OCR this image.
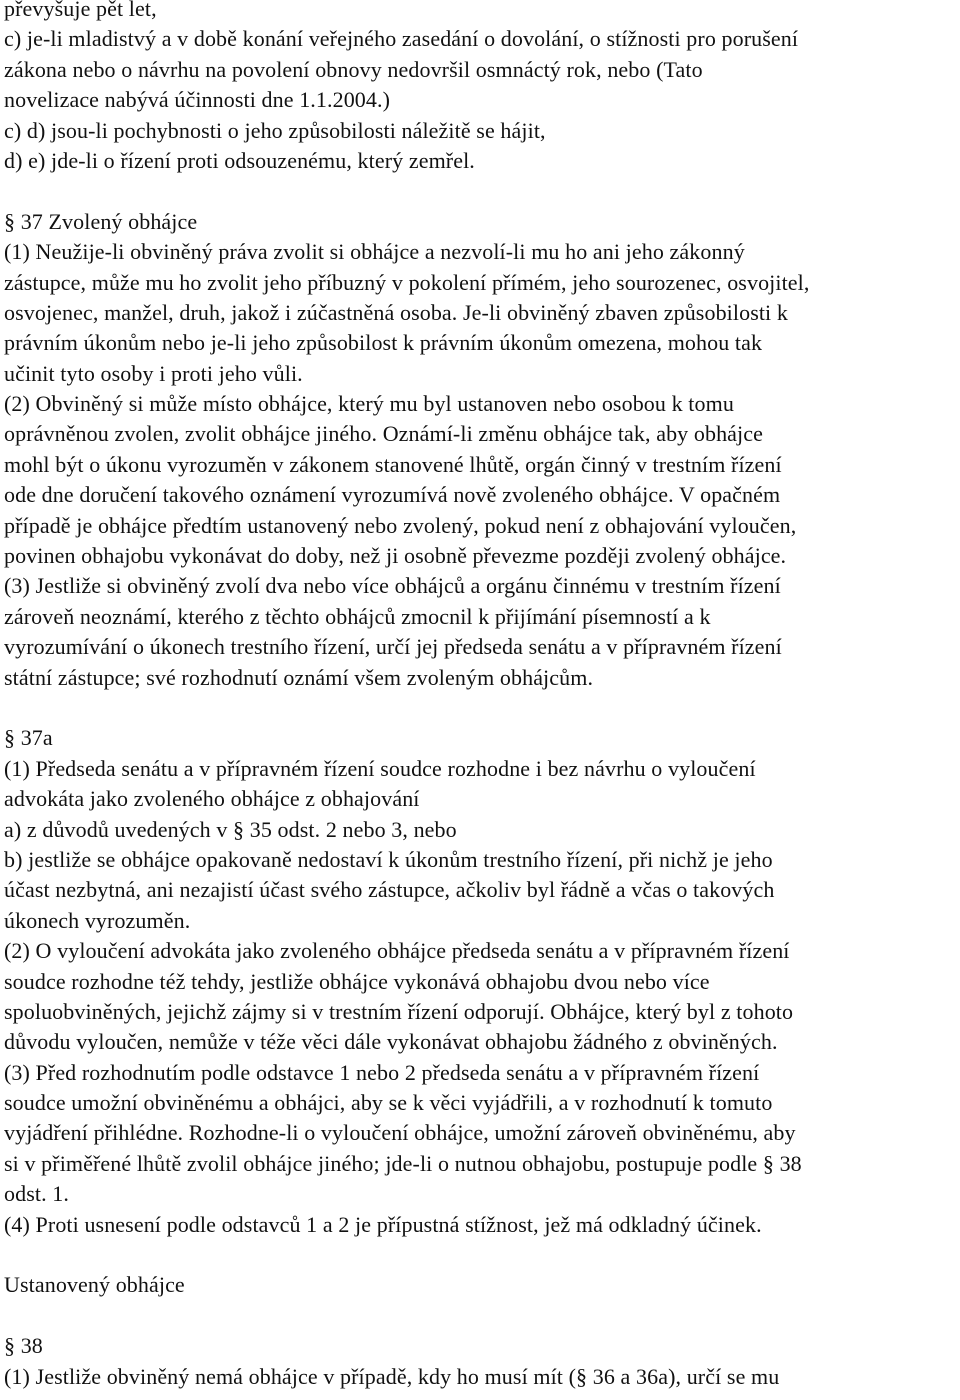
převyšuje pět let,
c) je-li mladistvý a v době konání veřejného zasedání o dovolání, o stížnosti pro porušení
zákona nebo o návrhu na povolení obnovy nedovršil osmnáctý rok, nebo (Tato
novelizace nabývá účinnosti dne 1.1.2004.)
c) d) jsou-li pochybnosti o jeho způsobilosti náležitě se hájit,
d) e) jde-li o řízení proti odsouzenému, který zemřel.
§ 37 Zvolený obhájce
(1) Neužije-li obviněný práva zvolit si obhájce a nezvolí-li mu ho ani jeho zákonný
zástupce, může mu ho zvolit jeho příbuzný v pokolení přímém, jeho sourozenec, osvojitel,
osvojenec, manžel, druh, jakož i zúčastněná osoba. Je-li obviněný zbaven způsobilosti k
právním úkonům nebo je-li jeho způsobilost k právním úkonům omezena, mohou tak
učinit tyto osoby i proti jeho vůli.
(2) Obviněný si může místo obhájce, který mu byl ustanoven nebo osobou k tomu
oprávněnou zvolen, zvolit obhájce jiného. Oznámí-li změnu obhájce tak, aby obhájce
mohl být o úkonu vyrozuměn v zákonem stanovené lhůtě, orgán činný v trestním řízení
ode dne doručení takového oznámení vyrozumívá nově zvoleného obhájce. V opačném
případě je obhájce předtím ustanovený nebo zvolený, pokud není z obhajování vyloučen,
povinen obhajobu vykonávat do doby, než ji osobně převezme později zvolený obhájce.
(3) Jestliže si obviněný zvolí dva nebo více obhájců a orgánu činnému v trestním řízení
zároveň neoznámí, kterého z těchto obhájců zmocnil k přijímání písemností a k
vyrozumívání o úkonech trestního řízení, určí jej předseda senátu a v přípravném řízení
státní zástupce; své rozhodnutí oznámí všem zvoleným obhájcům.
§ 37a
(1) Předseda senátu a v přípravném řízení soudce rozhodne i bez návrhu o vyloučení
advokáta jako zvoleného obhájce z obhajování
a) z důvodů uvedených v § 35 odst. 2 nebo 3, nebo
b) jestliže se obhájce opakovaně nedostaví k úkonům trestního řízení, při nichž je jeho
účast nezbytná, ani nezajistí účast svého zástupce, ačkoliv byl řádně a včas o takových
úkonech vyrozuměn.
(2) O vyloučení advokáta jako zvoleného obhájce předseda senátu a v přípravném řízení
soudce rozhodne též tehdy, jestliže obhájce vykonává obhajobu dvou nebo více
spoluobviněných, jejichž zájmy si v trestním řízení odporují. Obhájce, který byl z tohoto
důvodu vyloučen, nemůže v téže věci dále vykonávat obhajobu žádného z obviněných.
(3) Před rozhodnutím podle odstavce 1 nebo 2 předseda senátu a v přípravném řízení
soudce umožní obviněnému a obhájci, aby se k věci vyjádřili, a v rozhodnutí k tomuto
vyjádření přihlédne. Rozhodne-li o vyloučení obhájce, umožní zároveň obviněnému, aby
si v přiměřené lhůtě zvolil obhájce jiného; jde-li o nutnou obhajobu, postupuje podle § 38
odst. 1.
(4) Proti usnesení podle odstavců 1 a 2 je přípustná stížnost, jež má odkladný účinek.
Ustanovený obhájce
§ 38
(1) Jestliže obviněný nemá obhájce v případě, kdy ho musí mít (§ 36 a 36a), určí se mu
